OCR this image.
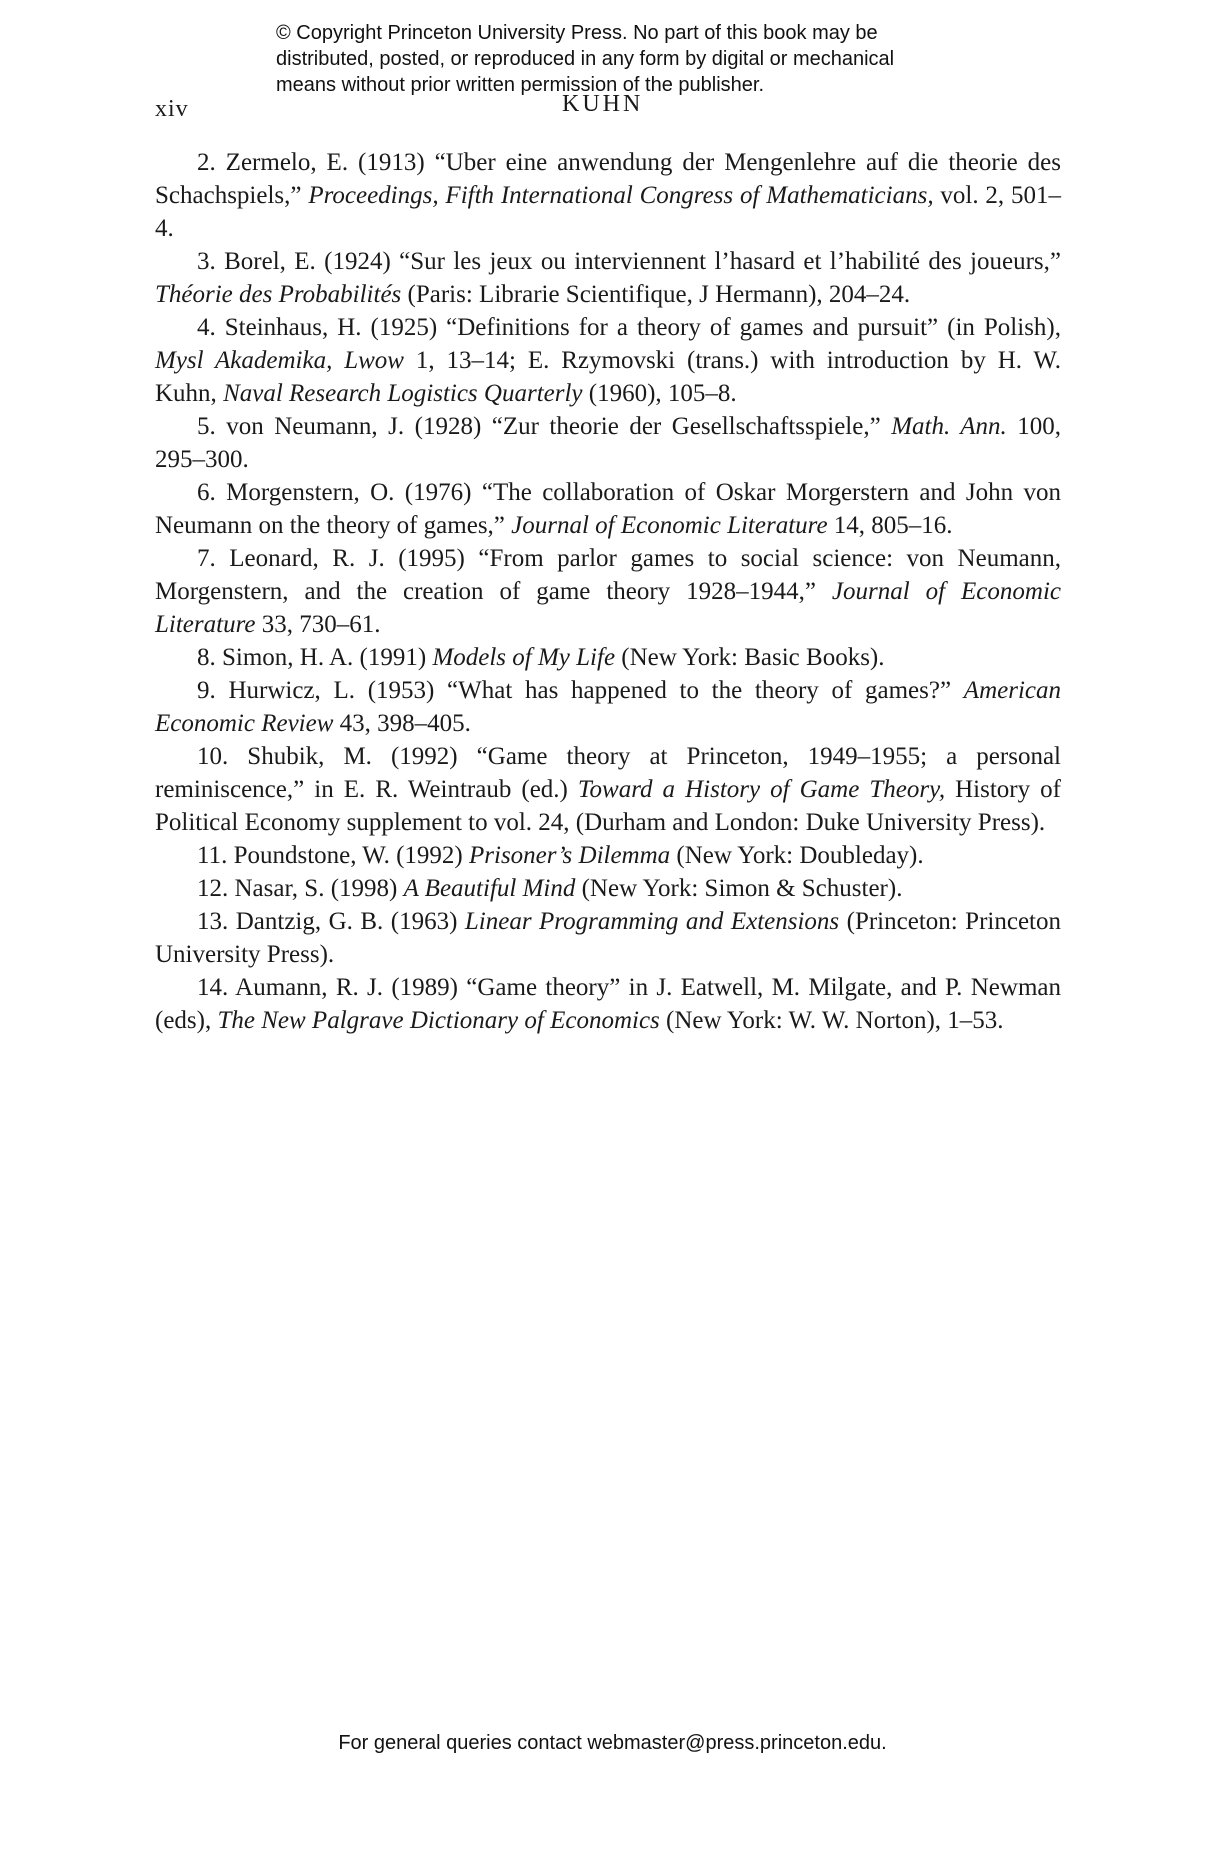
© Copyright Princeton University Press. No part of this book may be
distributed, posted, or reproduced in any form by digital or mechanical
means without prior written permission of the publisher.
xiv	KUHN
2. Zermelo, E. (1913) “Uber eine anwendung der Mengenlehre auf die theorie des Schachspiels,” Proceedings, Fifth International Congress of Mathematicians, vol. 2, 501–4.
3. Borel, E. (1924) “Sur les jeux ou interviennent l’hasard et l’habilité des joueurs,” Théorie des Probabilités (Paris: Librarie Scientifique, J Hermann), 204–24.
4. Steinhaus, H. (1925) “Definitions for a theory of games and pursuit” (in Polish), Mysl Akademika, Lwow 1, 13–14; E. Rzymovski (trans.) with introduction by H. W. Kuhn, Naval Research Logistics Quarterly (1960), 105–8.
5. von Neumann, J. (1928) “Zur theorie der Gesellschaftsspiele,” Math. Ann. 100, 295–300.
6. Morgenstern, O. (1976) “The collaboration of Oskar Morgerstern and John von Neumann on the theory of games,” Journal of Economic Literature 14, 805–16.
7. Leonard, R. J. (1995) “From parlor games to social science: von Neumann, Morgenstern, and the creation of game theory 1928–1944,” Journal of Economic Literature 33, 730–61.
8. Simon, H. A. (1991) Models of My Life (New York: Basic Books).
9. Hurwicz, L. (1953) “What has happened to the theory of games?” American Economic Review 43, 398–405.
10. Shubik, M. (1992) “Game theory at Princeton, 1949–1955; a personal reminiscence,” in E. R. Weintraub (ed.) Toward a History of Game Theory, History of Political Economy supplement to vol. 24, (Durham and London: Duke University Press).
11. Poundstone, W. (1992) Prisoner’s Dilemma (New York: Doubleday).
12. Nasar, S. (1998) A Beautiful Mind (New York: Simon & Schuster).
13. Dantzig, G. B. (1963) Linear Programming and Extensions (Princeton: Princeton University Press).
14. Aumann, R. J. (1989) “Game theory” in J. Eatwell, M. Milgate, and P. Newman (eds), The New Palgrave Dictionary of Economics (New York: W. W. Norton), 1–53.
For general queries contact webmaster@press.princeton.edu.
